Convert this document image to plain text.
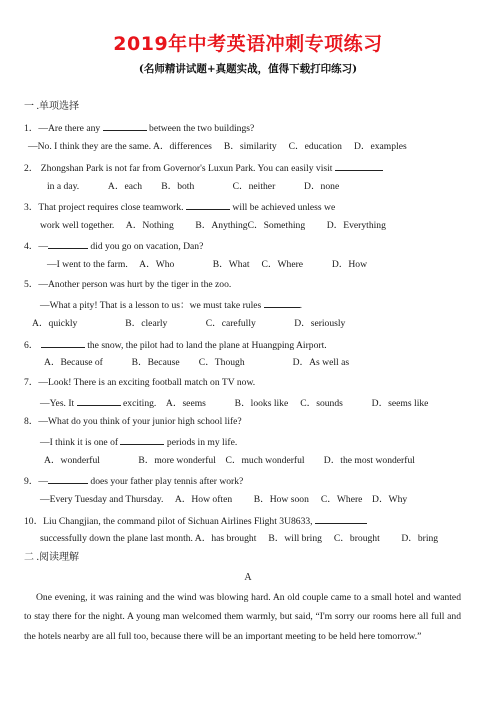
2019年中考英语冲刺专项练习
(名师精讲试题+真题实战，值得下载打印练习)
一 .单项选择
1．—Are there any	between the two buildings?
—No. I think they are the same. A．differences　 B．similarity　 C．education　 D．examples
2． Zhongshan Park is not far from Governor's Luxun Park. You can easily visit
in a day.　　　A．each　　B．both　　　　C．neither　　　D．none
3．That project requires close teamwork.	will be achieved unless we
work well together.　 A．Nothing　　 B．AnythingC．Something　　 D．Everything
4．—	did you go on vacation, Dan?
—I went to the farm.　 A．Who　　　　B．What　 C．Where　　　D．How
5．—Another person was hurt by the tiger in the zoo.
—What a pity! That is a lesson to us：we must take rules	.
A．quickly　　　　　B．clearly　　　　C．carefully　　　　D．seriously
6．	the snow, the pilot had to land the plane at Huangping Airport.
A．Because of　　　B．Because　　C．Though　　　　　D．As well as
7．—Look! There is an exciting football match on TV now.
—Yes. It	exciting.　A．seems　　　B．looks like　 C．sounds　　　D．seems like
8．—What do you think of your junior high school life?
—I think it is one of	periods in my life.
A．wonderful　　　　B．more wonderful　C．much wonderful　　D．the most wonderful
9．—	does your father play tennis after work?
—Every Tuesday and Thursday.　 A．How often　　 B．How soon　 C．Where　D．Why
10．Liu Changjian, the command pilot of Sichuan Airlines Flight 3U8633,
successfully down the plane last month. A．has brought　 B．will bring　 C．brought　　 D．bring
二 .阅读理解
A
One evening, it was raining and the wind was blowing hard. An old couple came to a small hotel and wanted to stay there for the night. A young man welcomed them warmly, but said, “I'm sorry our rooms here all full and the hotels nearby are all full too, because there will be an important meeting to be held here tomorrow.”
